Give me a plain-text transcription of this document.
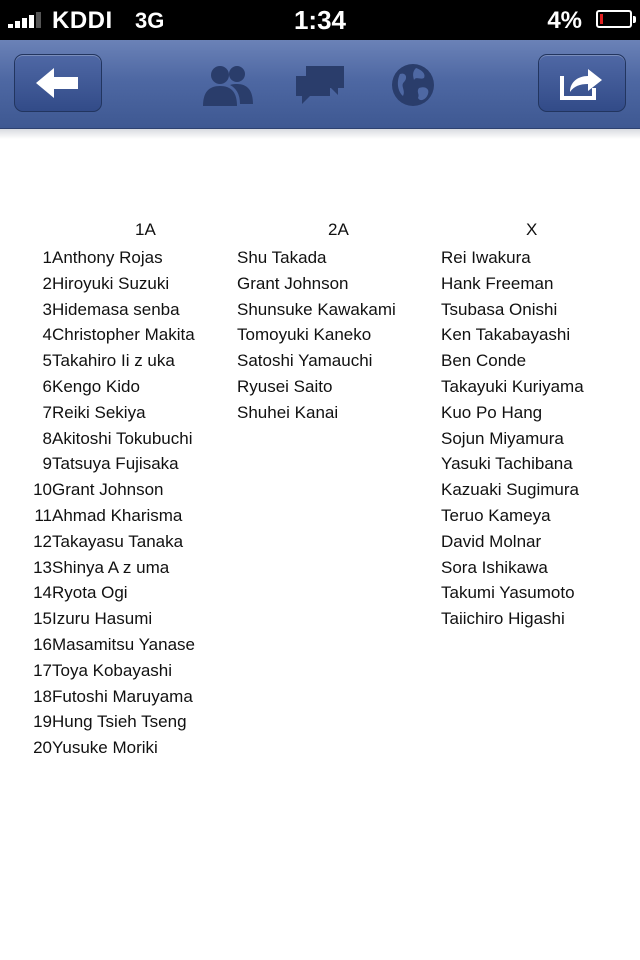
KDDI 3G	1:34	4%
1A
1Anthony Rojas
2Hiroyuki Suzuki
3Hidemasa senba
4Christopher Makita
5Takahiro Ii z uka
6Kengo Kido
7Reiki Sekiya
8Akitoshi Tokubuchi
9Tatsuya Fujisaka
10Grant Johnson
11Ahmad Kharisma
12Takayasu Tanaka
13Shinya A z uma
14Ryota Ogi
15Izuru Hasumi
16Masamitsu Yanase
17Toya Kobayashi
18Futoshi Maruyama
19Hung Tsieh Tseng
20Yusuke Moriki
2A
Shu Takada
Grant Johnson
Shunsuke Kawakami
Tomoyuki Kaneko
Satoshi Yamauchi
Ryusei Saito
Shuhei Kanai
X
Rei Iwakura
Hank Freeman
Tsubasa Onishi
Ken Takabayashi
Ben Conde
Takayuki Kuriyama
Kuo Po Hang
Sojun Miyamura
Yasuki Tachibana
Kazuaki Sugimura
Teruo Kameya
David Molnar
Sora Ishikawa
Takumi Yasumoto
Taiichiro Higashi
